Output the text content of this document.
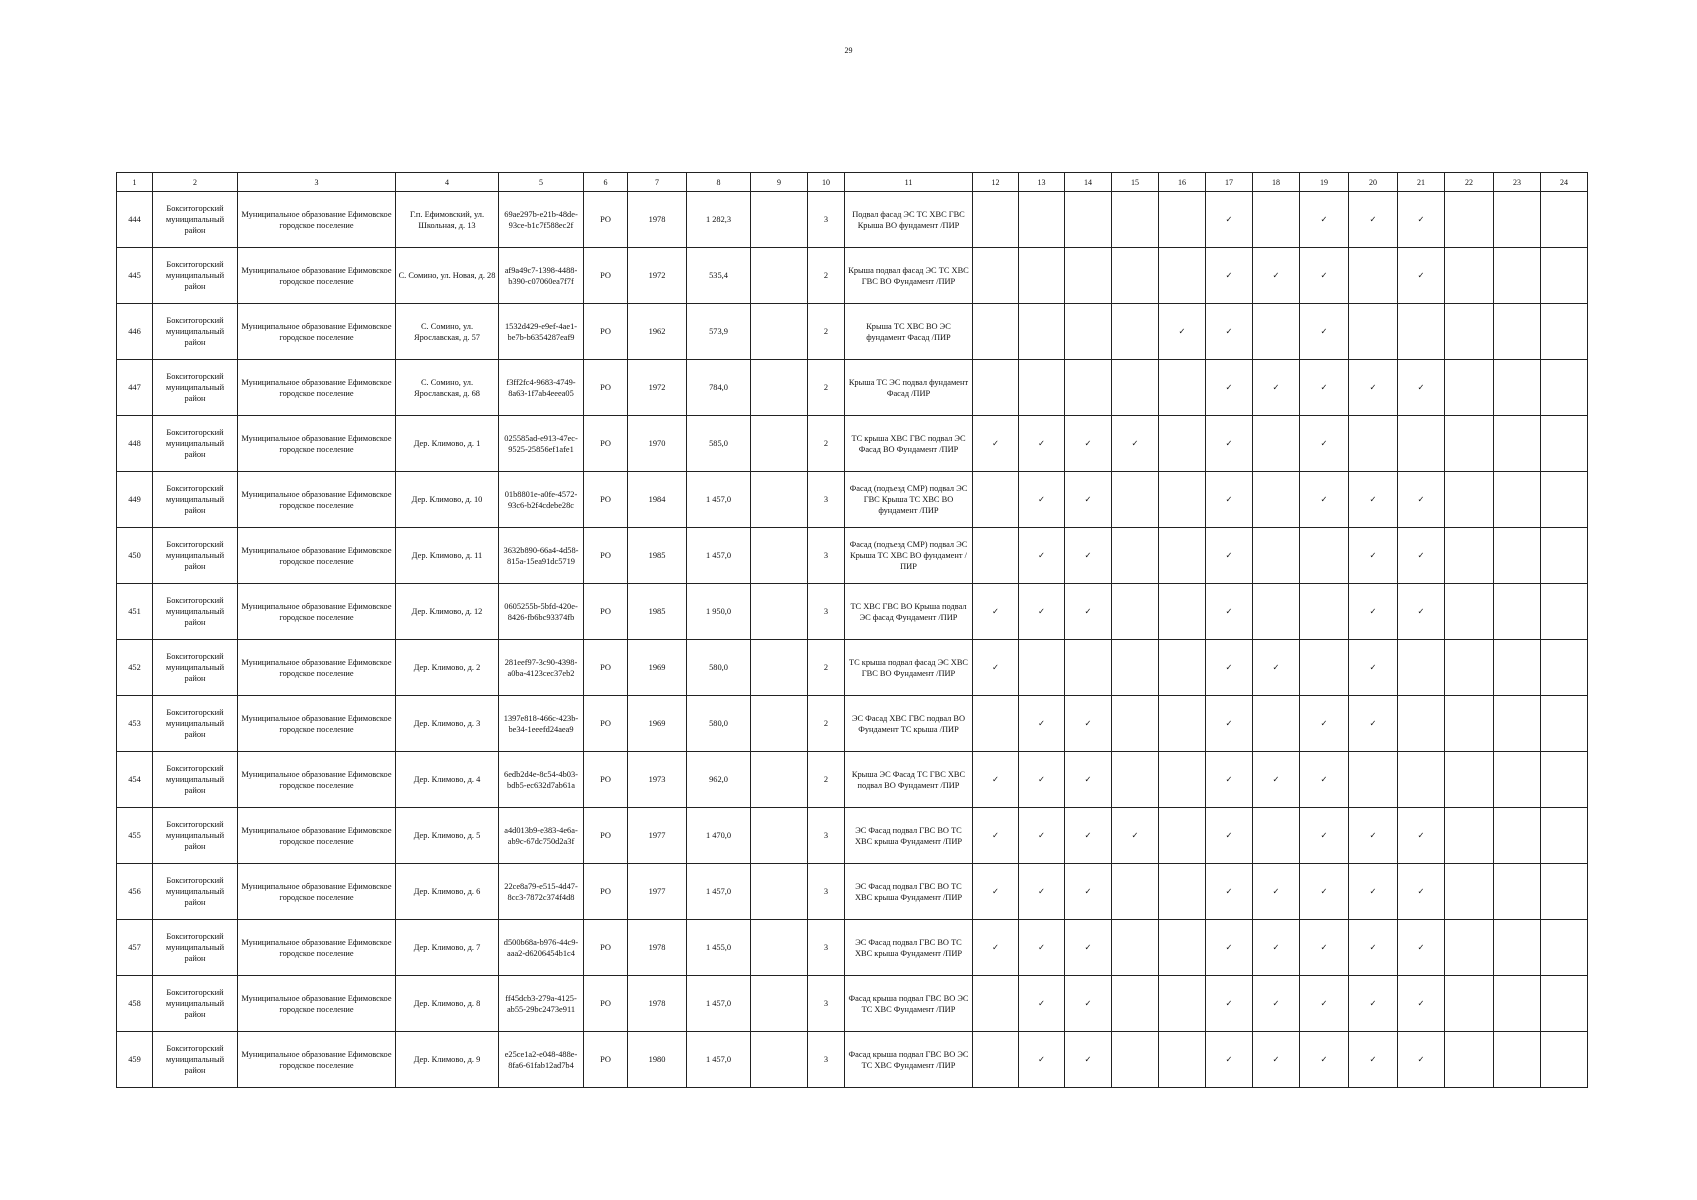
29
1	2	3	4	5	6	7	8	9	10	11	12	13	14	15	16	17	18	19	20	21	22	23	24
444	Бокситогорский муниципальный район	Муниципальное образование Ефимовское городское поселение	Г.п. Ефимовский, ул. Школьная, д. 13	69ae297b-e21b-48de-93ce-b1c7f588ec2f	РО	1978	1 282,3		3	Подвал фасад ЭС ТС ХВС ГВС Крыша ВО фундамент /ПИР						✓		✓	✓	✓			
445	Бокситогорский муниципальный район	Муниципальное образование Ефимовское городское поселение	С. Сомино, ул. Новая, д. 28	af9a49c7-1398-4488-b390-c07060ea7f7f	РО	1972	535,4		2	Крыша подвал фасад ЭС ТС ХВС ГВС ВО Фундамент /ПИР						✓	✓	✓		✓			
446	Бокситогорский муниципальный район	Муниципальное образование Ефимовское городское поселение	С. Сомино, ул. Ярославская, д. 57	1532d429-e9ef-4ae1-be7b-b6354287eaf9	РО	1962	573,9		2	Крыша ТС ХВС ВО ЭС фундамент Фасад /ПИР					✓	✓		✓					
447	Бокситогорский муниципальный район	Муниципальное образование Ефимовское городское поселение	С. Сомино, ул. Ярославская, д. 68	f3ff2fc4-9683-4749-8a63-1f7ab4eeea05	РО	1972	784,0		2	Крыша ТС ЭС подвал фундамент Фасад /ПИР						✓	✓	✓	✓	✓			
448	Бокситогорский муниципальный район	Муниципальное образование Ефимовское городское поселение	Дер. Климово, д. 1	025585ad-e913-47ec-9525-25856ef1afe1	РО	1970	585,0		2	ТС крыша ХВС ГВС подвал ЭС Фасад ВО Фундамент /ПИР	✓	✓	✓	✓		✓		✓					
449	Бокситогорский муниципальный район	Муниципальное образование Ефимовское городское поселение	Дер. Климово, д. 10	01b8801e-a0fe-4572-93c6-b2f4cdebe28c	РО	1984	1 457,0		3	Фасад (подъезд СМР) подвал ЭС ГВС Крыша ТС ХВС ВО фундамент /ПИР		✓	✓			✓		✓	✓	✓			
450	Бокситогорский муниципальный район	Муниципальное образование Ефимовское городское поселение	Дер. Климово, д. 11	3632b890-66a4-4d58-815a-15ea91dc5719	РО	1985	1 457,0		3	Фасад (подъезд СМР) подвал ЭС Крыша ТС ХВС ВО фундамент /ПИР		✓	✓			✓			✓	✓			
451	Бокситогорский муниципальный район	Муниципальное образование Ефимовское городское поселение	Дер. Климово, д. 12	0605255b-5bfd-420e-8426-fb6bc93374fb	РО	1985	1 950,0		3	ТС ХВС ГВС ВО Крыша подвал ЭС фасад Фундамент /ПИР	✓	✓	✓			✓			✓	✓			
452	Бокситогорский муниципальный район	Муниципальное образование Ефимовское городское поселение	Дер. Климово, д. 2	281eef97-3c90-4398-a0ba-4123cec37eb2	РО	1969	580,0		2	ТС крыша подвал фасад ЭС ХВС ГВС ВО Фундамент /ПИР	✓					✓	✓		✓				
453	Бокситогорский муниципальный район	Муниципальное образование Ефимовское городское поселение	Дер. Климово, д. 3	1397e818-466c-423b-be34-1eeefd24aea9	РО	1969	580,0		2	ЭС Фасад ХВС ГВС подвал ВО Фундамент ТС крыша /ПИР		✓	✓			✓		✓	✓				
454	Бокситогорский муниципальный район	Муниципальное образование Ефимовское городское поселение	Дер. Климово, д. 4	6edb2d4e-8c54-4b03-bdb5-ec632d7ab61a	РО	1973	962,0		2	Крыша ЭС Фасад ТС ГВС ХВС подвал ВО Фундамент /ПИР	✓	✓	✓			✓	✓	✓					
455	Бокситогорский муниципальный район	Муниципальное образование Ефимовское городское поселение	Дер. Климово, д. 5	a4d013b9-e383-4e6a-ab9c-67dc750d2a3f	РО	1977	1 470,0		3	ЭС Фасад подвал ГВС ВО ТС ХВС крыша Фундамент /ПИР	✓	✓	✓	✓		✓		✓	✓	✓			
456	Бокситогорский муниципальный район	Муниципальное образование Ефимовское городское поселение	Дер. Климово, д. 6	22ce8a79-e515-4d47-8cc3-7872c374f4d8	РО	1977	1 457,0		3	ЭС Фасад подвал ГВС ВО ТС ХВС крыша Фундамент /ПИР	✓	✓	✓			✓	✓	✓	✓	✓			
457	Бокситогорский муниципальный район	Муниципальное образование Ефимовское городское поселение	Дер. Климово, д. 7	d500b68a-b976-44c9-aaa2-d6206454b1c4	РО	1978	1 455,0		3	ЭС Фасад подвал ГВС ВО ТС ХВС крыша Фундамент /ПИР	✓	✓	✓			✓	✓	✓	✓	✓			
458	Бокситогорский муниципальный район	Муниципальное образование Ефимовское городское поселение	Дер. Климово, д. 8	ff45dcb3-279a-4125-ab55-29bc2473e911	РО	1978	1 457,0		3	Фасад крыша подвал ГВС ВО ЭС ТС ХВС Фундамент /ПИР		✓	✓			✓	✓	✓	✓	✓			
459	Бокситогорский муниципальный район	Муниципальное образование Ефимовское городское поселение	Дер. Климово, д. 9	e25ce1a2-e048-488e-8fa6-61fab12ad7b4	РО	1980	1 457,0		3	Фасад крыша подвал ГВС ВО ЭС ТС ХВС Фундамент /ПИР		✓	✓			✓	✓	✓	✓	✓			
